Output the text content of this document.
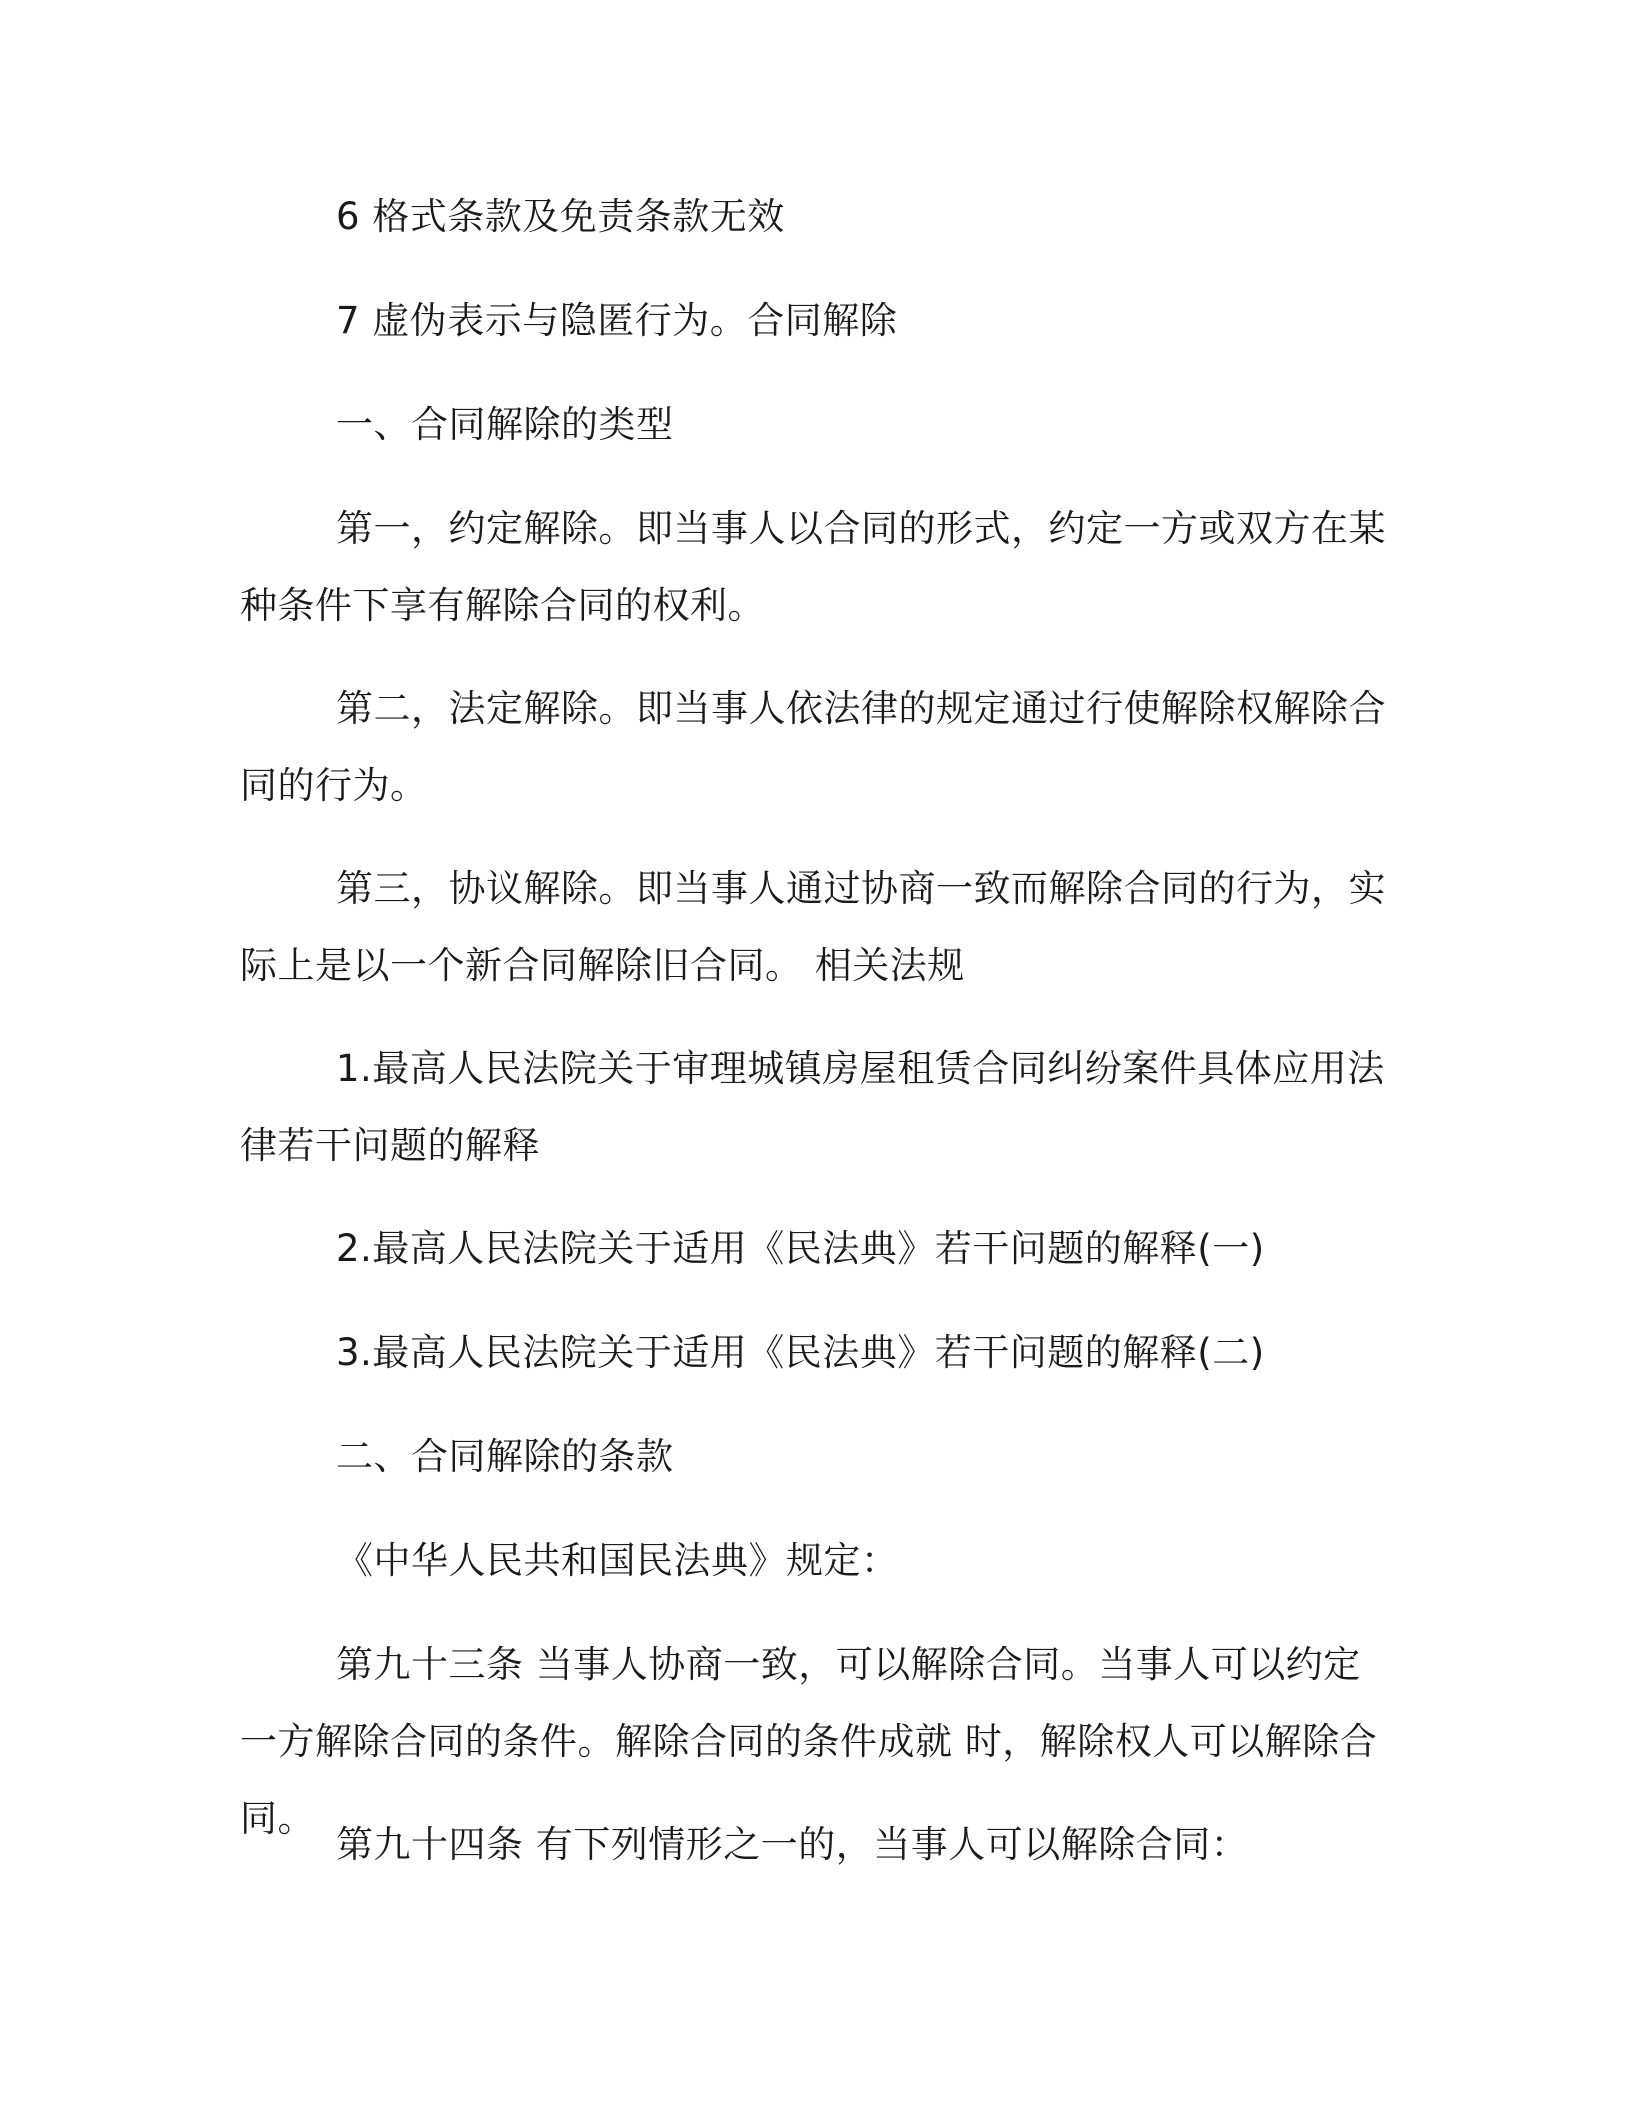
6 格式条款及免责条款无效

7 虚伪表示与隐匿行为。合同解除

一、合同解除的类型

第一，约定解除。即当事人以合同的形式，约定一方或双方在某种条件下享有解除合同的权利。

第二，法定解除。即当事人依法律的规定通过行使解除权解除合同的行为。

第三，协议解除。即当事人通过协商一致而解除合同的行为，实际上是以一个新合同解除旧合同。 相关法规

1.最高人民法院关于审理城镇房屋租赁合同纠纷案件具体应用法律若干问题的解释

2.最高人民法院关于适用《民法典》若干问题的解释(一)

3.最高人民法院关于适用《民法典》若干问题的解释(二)

二、合同解除的条款

《中华人民共和国民法典》规定：

第九十三条 当事人协商一致，可以解除合同。当事人可以约定一方解除合同的条件。解除合同的条件成就 时，解除权人可以解除合同。

第九十四条 有下列情形之一的，当事人可以解除合同：
